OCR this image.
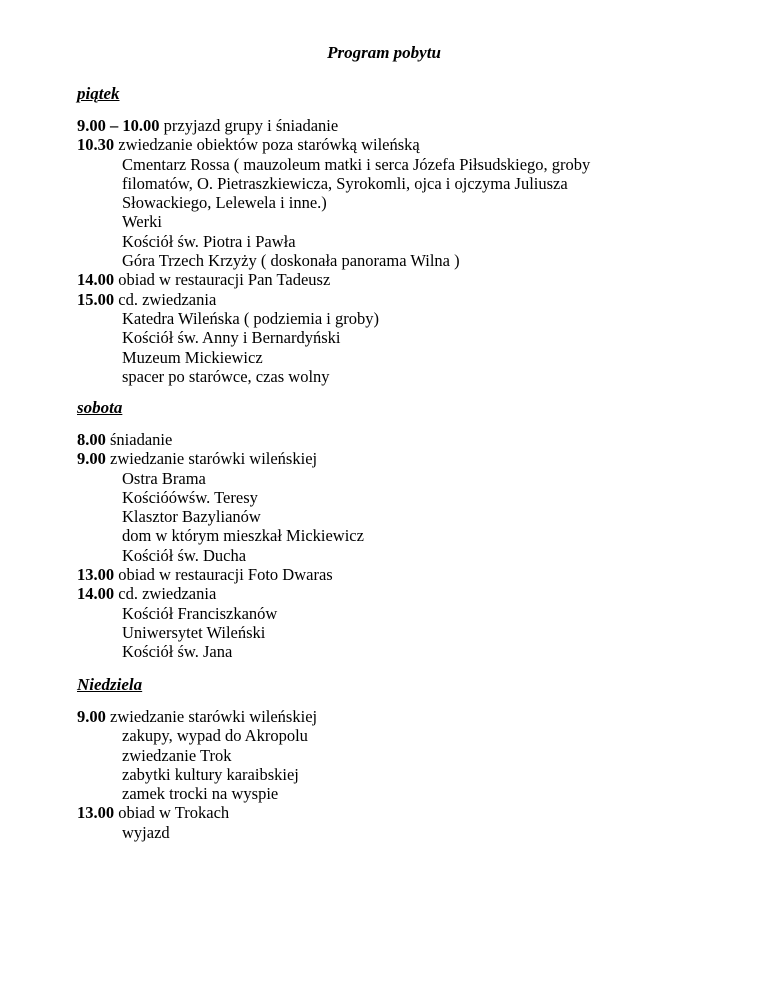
Program pobytu
piątek
9.00 – 10.00 przyjazd grupy i śniadanie
10.30 zwiedzanie obiektów poza starówką wileńską
Cmentarz Rossa ( mauzoleum matki i serca Józefa Piłsudskiego, groby
filomatów, O. Pietraszkiewicza, Syrokomli, ojca i ojczyma Juliusza
Słowackiego, Lelewela i inne.)
Werki
Kościół św. Piotra i Pawła
Góra Trzech Krzyży ( doskonała panorama Wilna )
14.00 obiad w restauracji Pan Tadeusz
15.00 cd. zwiedzania
Katedra Wileńska ( podziemia i groby)
Kościół św. Anny i Bernardyński
Muzeum Mickiewicz
spacer po starówce, czas wolny
sobota
8.00 śniadanie
9.00 zwiedzanie starówki wileńskiej
Ostra Brama
Kościóówśw. Teresy
Klasztor Bazylianów
dom w którym mieszkał Mickiewicz
Kościół św. Ducha
13.00 obiad w restauracji Foto Dwaras
14.00 cd. zwiedzania
Kościół Franciszkanów
Uniwersytet Wileński
Kościół św. Jana
Niedziela
9.00 zwiedzanie starówki wileńskiej
zakupy, wypad do Akropolu
zwiedzanie Trok
zabytki kultury karaibskiej
zamek trocki na wyspie
13.00 obiad w Trokach
wyjazd
